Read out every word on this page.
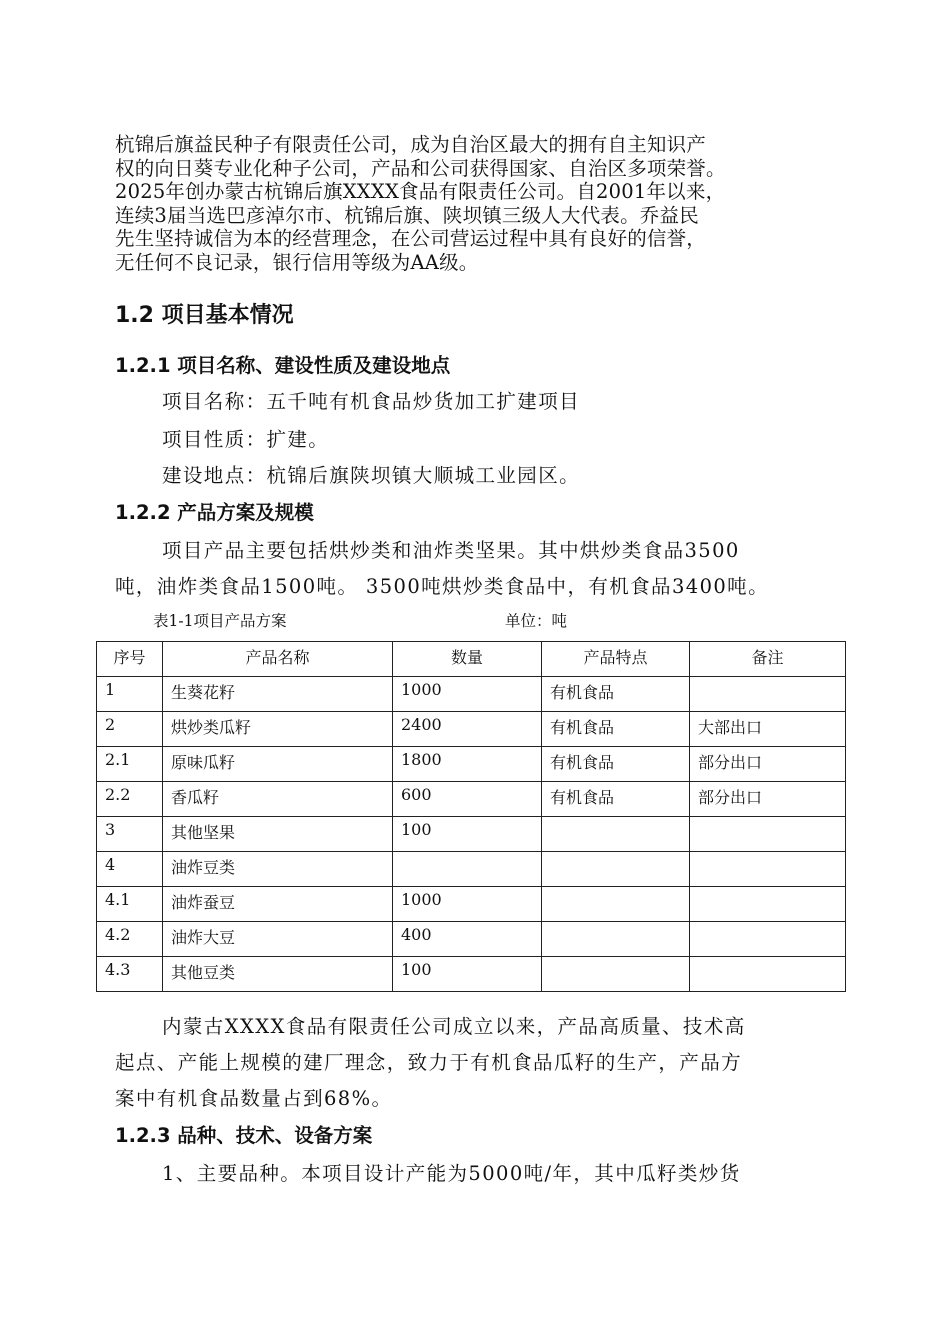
杭锦后旗益民种子有限责任公司，成为自治区最大的拥有自主知识产
权的向日葵专业化种子公司，产品和公司获得国家、自治区多项荣誉。
2025年创办蒙古杭锦后旗XXXX食品有限责任公司。自2001年以来，
连续3届当选巴彦淖尔市、杭锦后旗、陕坝镇三级人大代表。乔益民
先生坚持诚信为本的经营理念，在公司营运过程中具有良好的信誉，
无任何不良记录，银行信用等级为AA级。
1.2 项目基本情况
1.2.1 项目名称、建设性质及建设地点
项目名称：五千吨有机食品炒货加工扩建项目
项目性质：扩建。
建设地点：杭锦后旗陕坝镇大顺城工业园区。
1.2.2 产品方案及规模
项目产品主要包括烘炒类和油炸类坚果。其中烘炒类食品3500
吨，油炸类食品1500吨。 3500吨烘炒类食品中，有机食品3400吨。
表1-1项目产品方案	单位：吨
序号	产品名称	数量	产品特点	备注
1	生葵花籽	1000	有机食品	
2	烘炒类瓜籽	2400	有机食品	大部出口
2.1	原味瓜籽	1800	有机食品	部分出口
2.2	香瓜籽	600	有机食品	部分出口
3	其他坚果	100		
4	油炸豆类			
4.1	油炸蚕豆	1000		
4.2	油炸大豆	400		
4.3	其他豆类	100		
内蒙古XXXX食品有限责任公司成立以来，产品高质量、技术高
起点、产能上规模的建厂理念，致力于有机食品瓜籽的生产，产品方
案中有机食品数量占到68%。
1.2.3 品种、技术、设备方案
1、主要品种。本项目设计产能为5000吨/年，其中瓜籽类炒货
